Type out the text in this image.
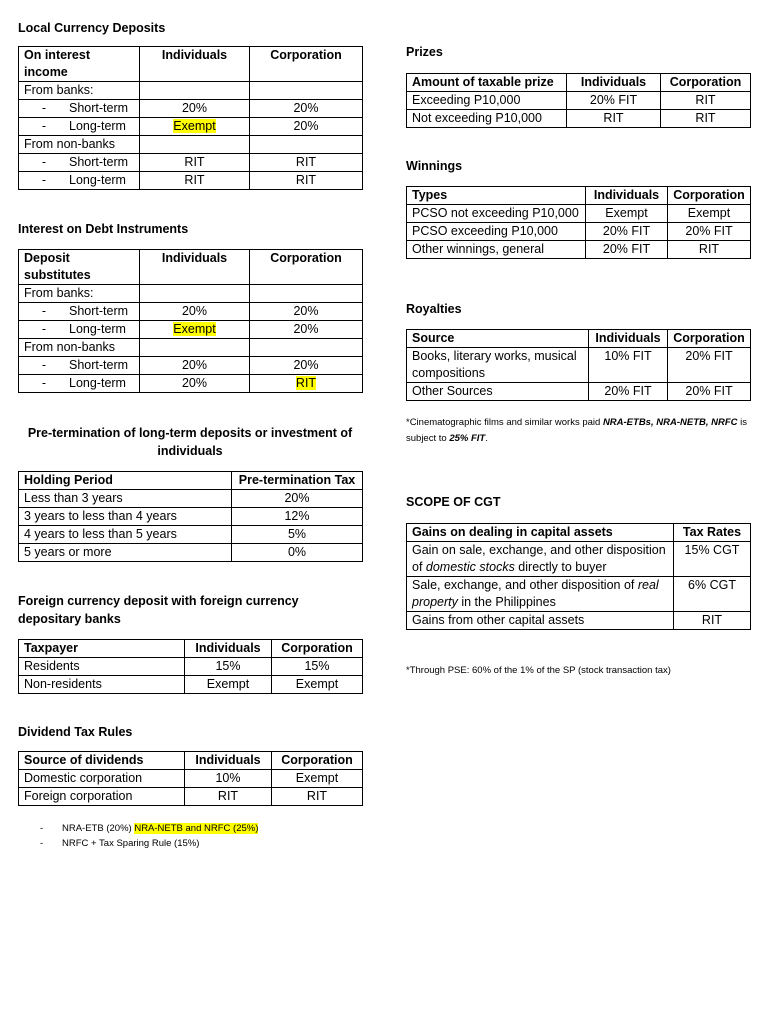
Local Currency Deposits
On interest income	Individuals	Corporation
From banks:		
- Short-term	20%	20%
- Long-term	Exempt	20%
From non-banks		
- Short-term	RIT	RIT
- Long-term	RIT	RIT
Interest on Debt Instruments
Deposit substitutes	Individuals	Corporation
From banks:		
- Short-term	20%	20%
- Long-term	Exempt	20%
From non-banks		
- Short-term	20%	20%
- Long-term	20%	RIT
Pre-termination of long-term deposits or investment of individuals
Holding Period	Pre-termination Tax
Less than 3 years	20%
3 years to less than 4 years	12%
4 years to less than 5 years	5%
5 years or more	0%
Foreign currency deposit with foreign currency depositary banks
Taxpayer	Individuals	Corporation
Residents	15%	15%
Non-residents	Exempt	Exempt
Dividend Tax Rules
Source of dividends	Individuals	Corporation
Domestic corporation	10%	Exempt
Foreign corporation	RIT	RIT
- NRA-ETB (20%) NRA-NETB and NRFC (25%)
- NRFC + Tax Sparing Rule (15%)
Prizes
Amount of taxable prize	Individuals	Corporation
Exceeding P10,000	20% FIT	RIT
Not exceeding P10,000	RIT	RIT
Winnings
Types	Individuals	Corporation
PCSO not exceeding P10,000	Exempt	Exempt
PCSO exceeding P10,000	20% FIT	20% FIT
Other winnings, general	20% FIT	RIT
Royalties
Source	Individuals	Corporation
Books, literary works, musical compositions	10% FIT	20% FIT
Other Sources	20% FIT	20% FIT
*Cinematographic films and similar works paid NRA-ETBs, NRA-NETB, NRFC is subject to 25% FIT.
SCOPE OF CGT
Gains on dealing in capital assets	Tax Rates
Gain on sale, exchange, and other disposition of domestic stocks directly to buyer	15% CGT
Sale, exchange, and other disposition of real property in the Philippines	6% CGT
Gains from other capital assets	RIT
*Through PSE: 60% of the 1% of the SP (stock transaction tax)
